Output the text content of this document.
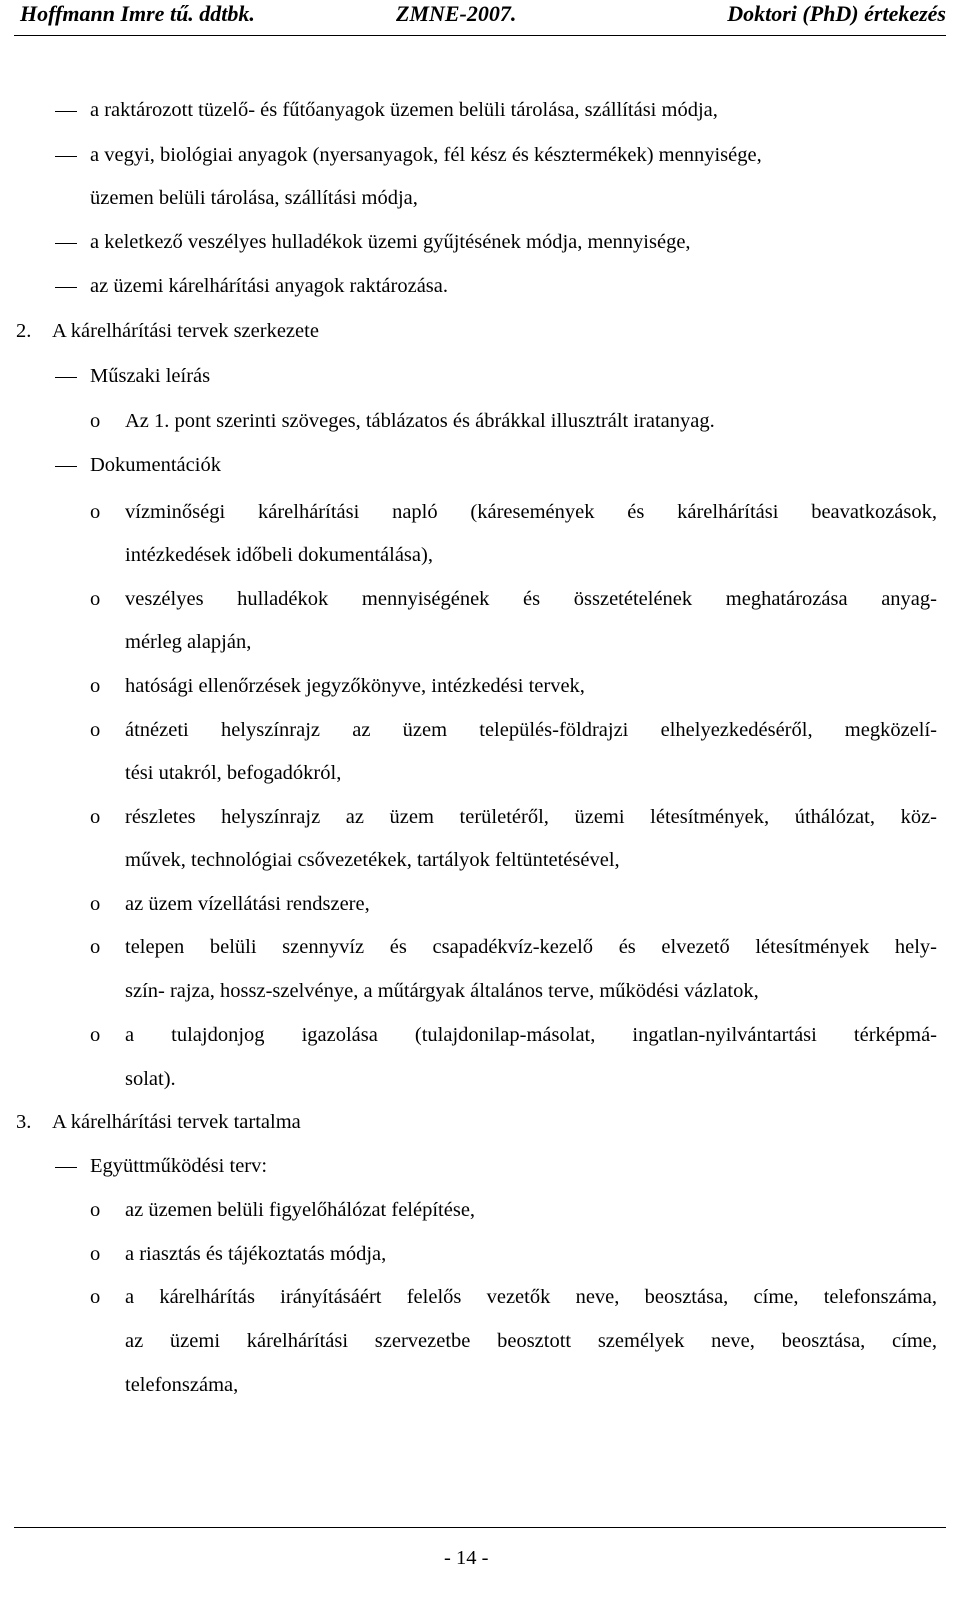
Hoffmann Imre tű. ddtbk.	ZMNE-2007.	Doktori (PhD) értekezés
a raktározott tüzelő- és fűtőanyagok üzemen belüli tárolása, szállítási módja,
a vegyi, biológiai anyagok (nyersanyagok, fél kész és késztermékek) mennyisége,
üzemen belüli tárolása, szállítási módja,
a keletkező veszélyes hulladékok üzemi gyűjtésének módja, mennyisége,
az üzemi kárelhárítási anyagok raktározása.
2. A kárelhárítási tervek szerkezete
Műszaki leírás
o Az 1. pont szerinti szöveges, táblázatos és ábrákkal illusztrált iratanyag.
Dokumentációk
o vízminőségi kárelhárítási napló (káresemények és kárelhárítási beavatkozások,
intézkedések időbeli dokumentálása),
o veszélyes hulladékok mennyiségének és összetételének meghatározása anyag-
mérleg alapján,
o hatósági ellenőrzések jegyzőkönyve, intézkedési tervek,
o átnézeti helyszínrajz az üzem település-földrajzi elhelyezkedéséről, megközelí-
tési utakról, befogadókról,
o részletes helyszínrajz az üzem területéről, üzemi létesítmények, úthálózat, köz-
művek, technológiai csővezetékek, tartályok feltüntetésével,
o az üzem vízellátási rendszere,
o telepen belüli szennyvíz és csapadékvíz-kezelő és elvezető létesítmények hely-
szín- rajza, hossz-szelvénye, a műtárgyak általános terve, működési vázlatok,
o a tulajdonjog igazolása (tulajdonilap-másolat, ingatlan-nyilvántartási térképmá-
solat).
3. A kárelhárítási tervek tartalma
Együttműködési terv:
o az üzemen belüli figyelőhálózat felépítése,
o a riasztás és tájékoztatás módja,
o a kárelhárítás irányításáért felelős vezetők neve, beosztása, címe, telefonszáma,
az üzemi kárelhárítási szervezetbe beosztott személyek neve, beosztása, címe,
telefonszáma,
- 14 -
